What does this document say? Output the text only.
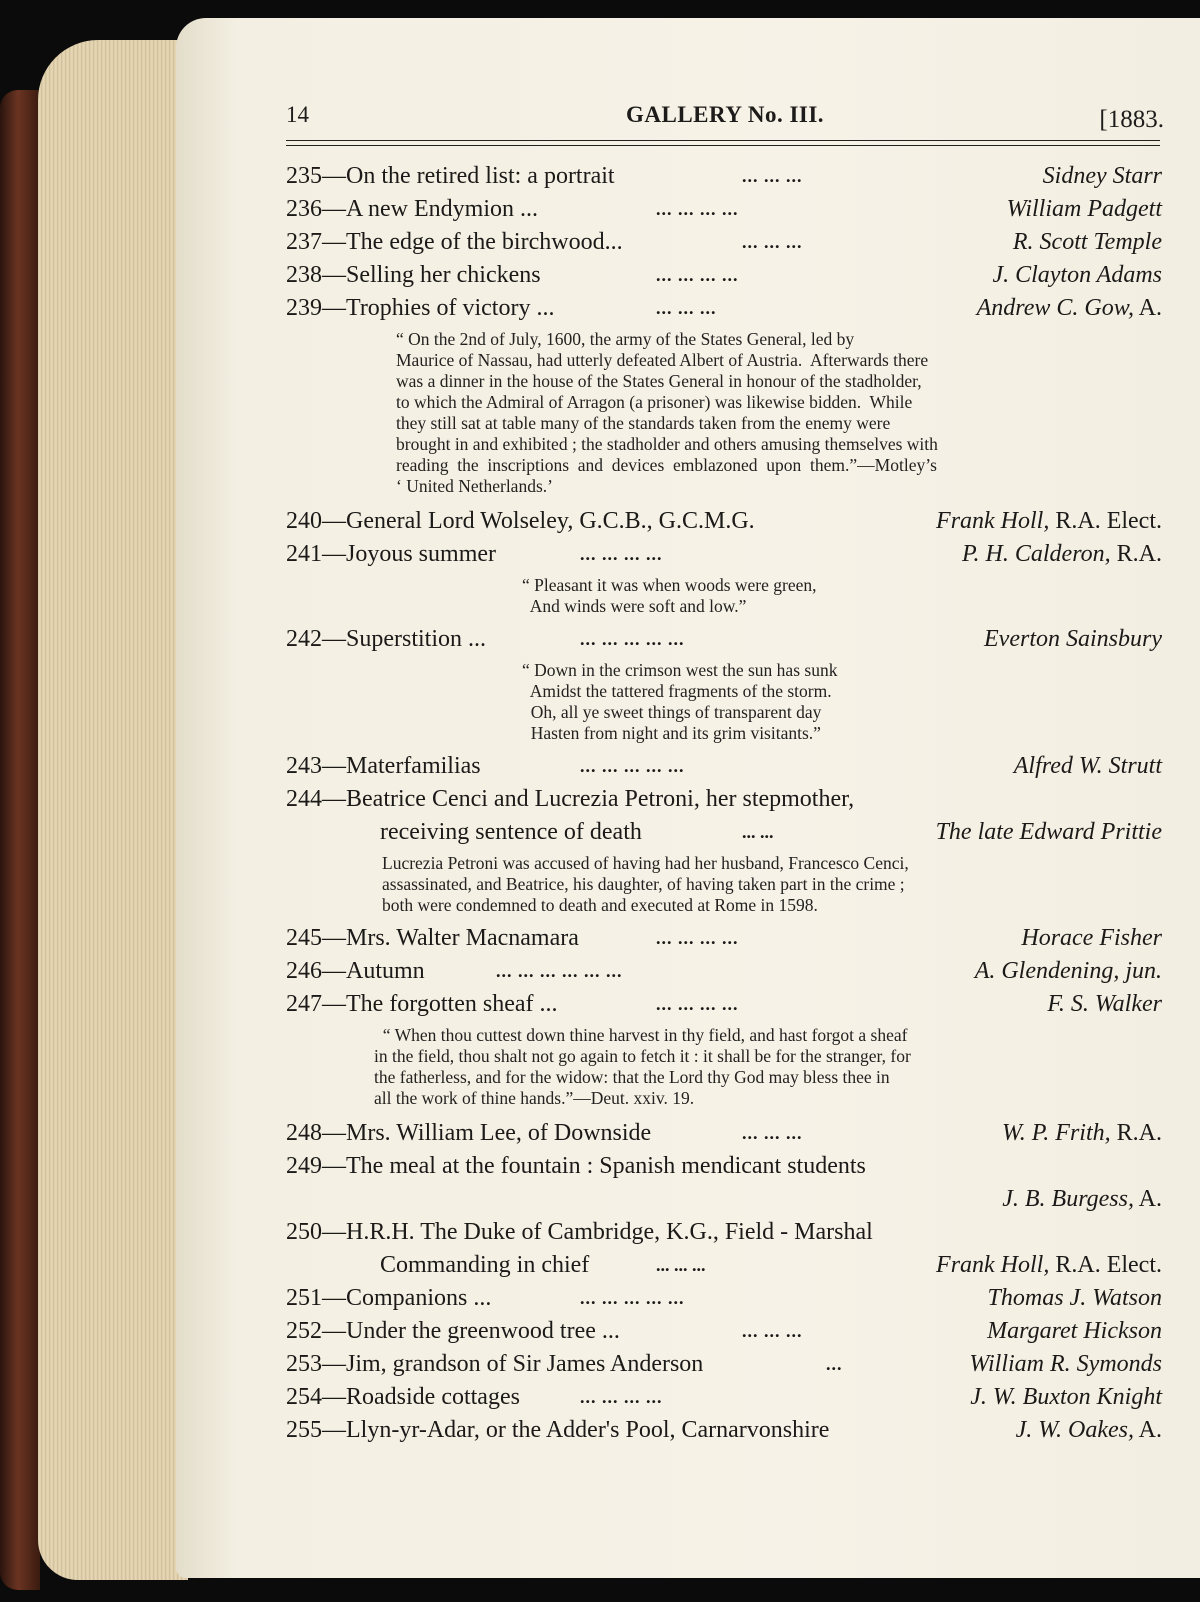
14	GALLERY No. III.	[1883.
235—On the retired list: a portrait	... ... ...	Sidney Starr
236—A new Endymion ...	... ... ... ...	William Padgett
237—The edge of the birchwood...	... ... ...	R. Scott Temple
238—Selling her chickens	... ... ... ...	J. Clayton Adams
239—Trophies of victory ...	... ... ...	Andrew C. Gow, A.
“ On the 2nd of July, 1600, the army of the States General, led by
Maurice of Nassau, had utterly defeated Albert of Austria.  Afterwards there
was a dinner in the house of the States General in honour of the stadholder,
to which the Admiral of Arragon (a prisoner) was likewise bidden.  While
they still sat at table many of the standards taken from the enemy were
brought in and exhibited ; the stadholder and others amusing themselves with
reading  the  inscriptions  and  devices  emblazoned  upon  them.”—Motley’s
‘ United Netherlands.’
240—General Lord Wolseley, G.C.B., G.C.M.G.	Frank Holl, R.A. Elect.
241—Joyous summer	... ... ... ...	P. H. Calderon, R.A.
“ Pleasant it was when woods were green,
And winds were soft and low.”
242—Superstition ...	... ... ... ... ...	Everton Sainsbury
“ Down in the crimson west the sun has sunk
Amidst the tattered fragments of the storm.
Oh, all ye sweet things of transparent day
Hasten from night and its grim visitants.”
243—Materfamilias	... ... ... ... ...	Alfred W. Strutt
244—Beatrice Cenci and Lucrezia Petroni, her stepmother,
receiving sentence of death	... ...	The late Edward Prittie
Lucrezia Petroni was accused of having had her husband, Francesco Cenci,
assassinated, and Beatrice, his daughter, of having taken part in the crime ;
both were condemned to death and executed at Rome in 1598.
245—Mrs. Walter Macnamara	... ... ... ...	Horace Fisher
246—Autumn	... ... ... ... ... ...	A. Glendening, jun.
247—The forgotten sheaf ...	... ... ... ...	F. S. Walker
“ When thou cuttest down thine harvest in thy field, and hast forgot a sheaf
in the field, thou shalt not go again to fetch it : it shall be for the stranger, for
the fatherless, and for the widow: that the Lord thy God may bless thee in
all the work of thine hands.”—Deut. xxiv. 19.
248—Mrs. William Lee, of Downside	... ... ...	W. P. Frith, R.A.
249—The meal at the fountain : Spanish mendicant students
J. B. Burgess, A.
250—H.R.H. The Duke of Cambridge, K.G., Field - Marshal
Commanding in chief	... ... ...	Frank Holl, R.A. Elect.
251—Companions ...	... ... ... ... ...	Thomas J. Watson
252—Under the greenwood tree ...	... ... ...	Margaret Hickson
253—Jim, grandson of Sir James Anderson	...	William R. Symonds
254—Roadside cottages	... ... ... ...	J. W. Buxton Knight
255—Llyn-yr-Adar, or the Adder's Pool, Carnarvonshire	J. W. Oakes, A.
